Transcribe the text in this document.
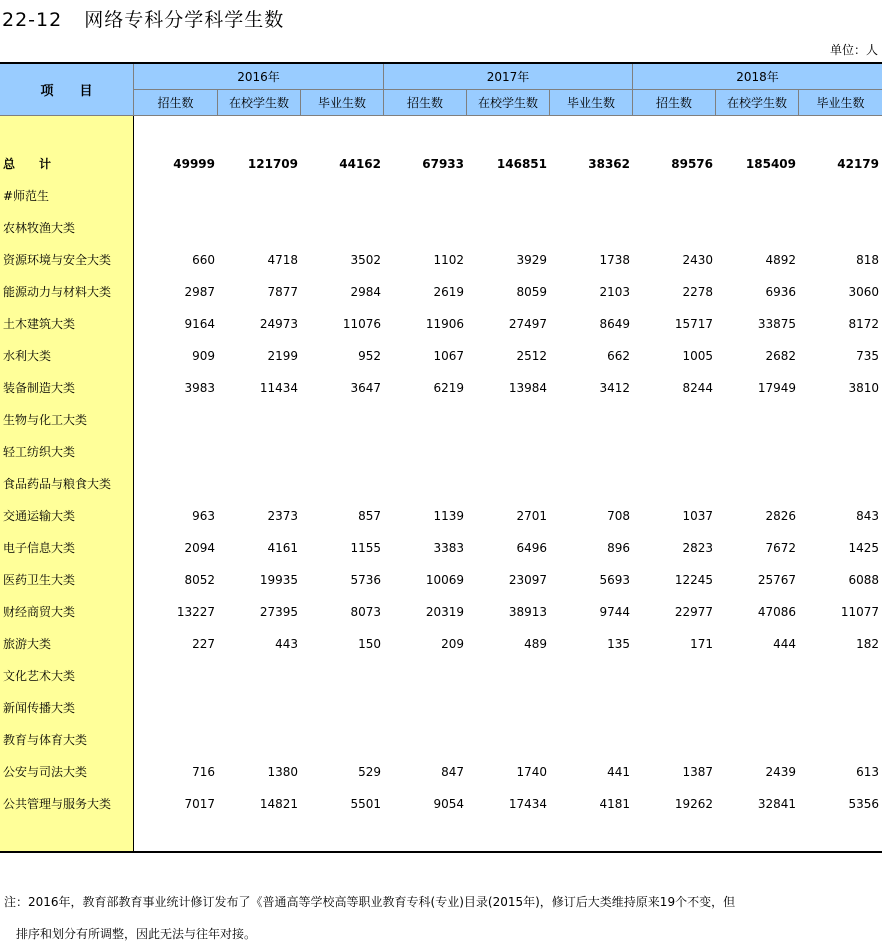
22-12 网络专科分学科学生数
单位：人
项　　目
2016年	2017年	2018年
招生数	在校学生数	毕业生数	招生数	在校学生数	毕业生数	招生数	在校学生数	毕业生数
总　　计	49999	121709	44162	67933	146851	38362	89576	185409	42179
#师范生
农林牧渔大类
资源环境与安全大类	660	4718	3502	1102	3929	1738	2430	4892	818
能源动力与材料大类	2987	7877	2984	2619	8059	2103	2278	6936	3060
土木建筑大类	9164	24973	11076	11906	27497	8649	15717	33875	8172
水利大类	909	2199	952	1067	2512	662	1005	2682	735
装备制造大类	3983	11434	3647	6219	13984	3412	8244	17949	3810
生物与化工大类
轻工纺织大类
食品药品与粮食大类
交通运输大类	963	2373	857	1139	2701	708	1037	2826	843
电子信息大类	2094	4161	1155	3383	6496	896	2823	7672	1425
医药卫生大类	8052	19935	5736	10069	23097	5693	12245	25767	6088
财经商贸大类	13227	27395	8073	20319	38913	9744	22977	47086	11077
旅游大类	227	443	150	209	489	135	171	444	182
文化艺术大类
新闻传播大类
教育与体育大类
公安与司法大类	716	1380	529	847	1740	441	1387	2439	613
公共管理与服务大类	7017	14821	5501	9054	17434	4181	19262	32841	5356
注：2016年，教育部教育事业统计修订发布了《普通高等学校高等职业教育专科(专业)目录(2015年)，修订后大类维持原来19个不变，但
排序和划分有所调整，因此无法与往年对接。
